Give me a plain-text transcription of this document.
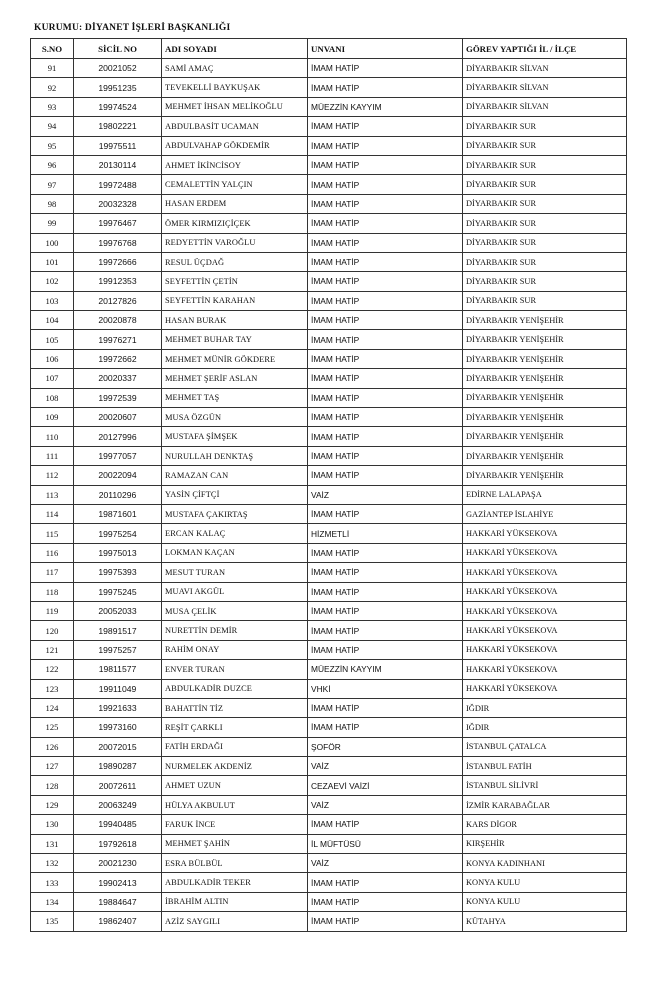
KURUMU: DİYANET İŞLERİ BAŞKANLIĞI
S.NO	SİCİL NO	ADI SOYADI	UNVANI	GÖREV YAPTIĞI İL / İLÇE
91	20021052	SAMİ AMAÇ	İMAM HATİP	DİYARBAKIR SİLVAN
92	19951235	TEVEKELLİ BAYKUŞAK	İMAM HATİP	DİYARBAKIR SİLVAN
93	19974524	MEHMET İHSAN MELİKOĞLU	MÜEZZİN KAYYIM	DİYARBAKIR SİLVAN
94	19802221	ABDULBASİT UCAMAN	İMAM HATİP	DİYARBAKIR SUR
95	19975511	ABDULVAHAP GÖKDEMİR	İMAM HATİP	DİYARBAKIR SUR
96	20130114	AHMET İKİNCİSOY	İMAM HATİP	DİYARBAKIR SUR
97	19972488	CEMALETTİN YALÇIN	İMAM HATİP	DİYARBAKIR SUR
98	20032328	HASAN ERDEM	İMAM HATİP	DİYARBAKIR SUR
99	19976467	ÖMER KIRMIZIÇİÇEK	İMAM HATİP	DİYARBAKIR SUR
100	19976768	REDYETTİN VAROĞLU	İMAM HATİP	DİYARBAKIR SUR
101	19972666	RESUL ÜÇDAĞ	İMAM HATİP	DİYARBAKIR SUR
102	19912353	SEYFETTİN ÇETİN	İMAM HATİP	DİYARBAKIR SUR
103	20127826	SEYFETTİN KARAHAN	İMAM HATİP	DİYARBAKIR SUR
104	20020878	HASAN BURAK	İMAM HATİP	DİYARBAKIR YENİŞEHİR
105	19976271	MEHMET BUHAR TAY	İMAM HATİP	DİYARBAKIR YENİŞEHİR
106	19972662	MEHMET MÜNİR GÖKDERE	İMAM HATİP	DİYARBAKIR YENİŞEHİR
107	20020337	MEHMET ŞERİF ASLAN	İMAM HATİP	DİYARBAKIR YENİŞEHİR
108	19972539	MEHMET TAŞ	İMAM HATİP	DİYARBAKIR YENİŞEHİR
109	20020607	MUSA ÖZGÜN	İMAM HATİP	DİYARBAKIR YENİŞEHİR
110	20127996	MUSTAFA ŞİMŞEK	İMAM HATİP	DİYARBAKIR YENİŞEHİR
111	19977057	NURULLAH DENKTAŞ	İMAM HATİP	DİYARBAKIR YENİŞEHİR
112	20022094	RAMAZAN CAN	İMAM HATİP	DİYARBAKIR YENİŞEHİR
113	20110296	YASİN ÇİFTÇİ	VAİZ	EDİRNE LALAPAŞA
114	19871601	MUSTAFA ÇAKIRTAŞ	İMAM HATİP	GAZİANTEP İSLAHİYE
115	19975254	ERCAN KALAÇ	HİZMETLİ	HAKKARİ YÜKSEKOVA
116	19975013	LOKMAN KAÇAN	İMAM HATİP	HAKKARİ YÜKSEKOVA
117	19975393	MESUT TURAN	İMAM HATİP	HAKKARİ YÜKSEKOVA
118	19975245	MUAVI AKGÜL	İMAM HATİP	HAKKARİ YÜKSEKOVA
119	20052033	MUSA ÇELİK	İMAM HATİP	HAKKARİ YÜKSEKOVA
120	19891517	NURETTİN DEMİR	İMAM HATİP	HAKKARİ YÜKSEKOVA
121	19975257	RAHİM ONAY	İMAM HATİP	HAKKARİ YÜKSEKOVA
122	19811577	ENVER TURAN	MÜEZZİN KAYYIM	HAKKARİ YÜKSEKOVA
123	19911049	ABDULKADİR DUZCE	VHKİ	HAKKARİ YÜKSEKOVA
124	19921633	BAHATTİN TİZ	İMAM HATİP	IĞDIR
125	19973160	REŞİT ÇARKLI	İMAM HATİP	IĞDIR
126	20072015	FATİH ERDAĞI	ŞOFÖR	İSTANBUL ÇATALCA
127	19890287	NURMELEK AKDENİZ	VAİZ	İSTANBUL FATİH
128	20072611	AHMET UZUN	CEZAEVİ VAİZİ	İSTANBUL SİLİVRİ
129	20063249	HÜLYA AKBULUT	VAİZ	İZMİR KARABAĞLAR
130	19940485	FARUK İNCE	İMAM HATİP	KARS DİGOR
131	19792618	MEHMET ŞAHİN	İL MÜFTÜSÜ	KIRŞEHİR
132	20021230	ESRA BÜLBÜL	VAİZ	KONYA KADINHANI
133	19902413	ABDULKADİR TEKER	İMAM HATİP	KONYA KULU
134	19884647	İBRAHİM ALTIN	İMAM HATİP	KONYA KULU
135	19862407	AZİZ SAYGILI	İMAM HATİP	KÜTAHYA
